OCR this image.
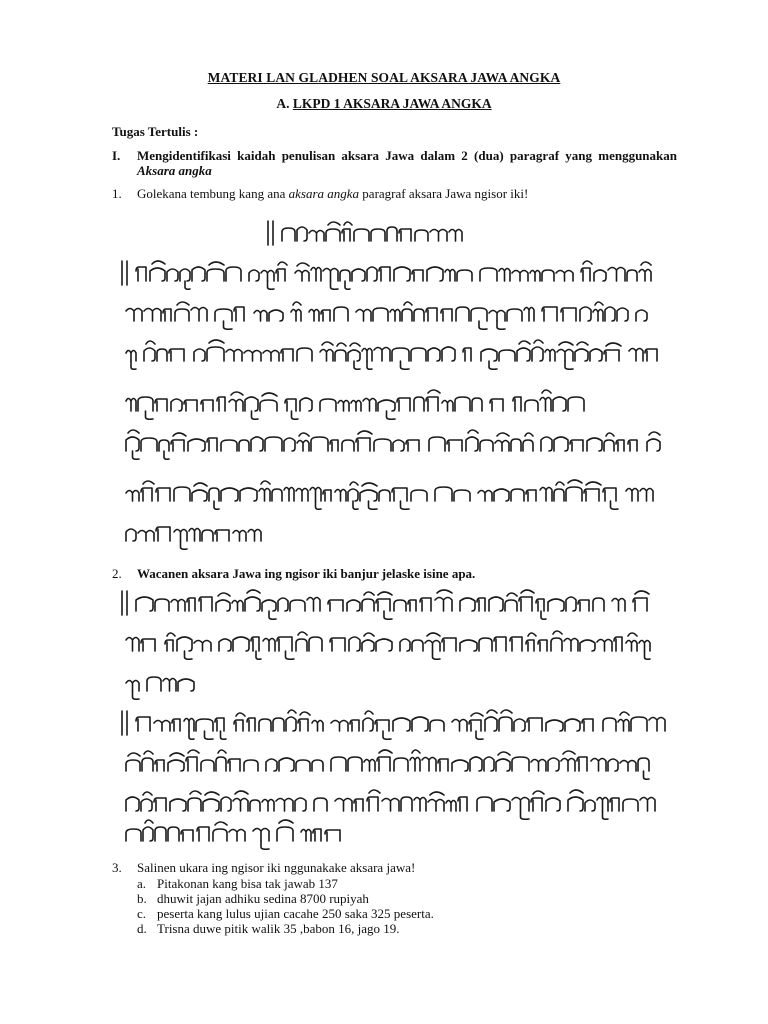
MATERI LAN GLADHEN SOAL AKSARA JAWA ANGKA
A. LKPD 1 AKSARA JAWA ANGKA
Tugas Tertulis :
I. Mengidentifikasi kaidah penulisan aksara Jawa dalam 2 (dua) paragraf yang menggunakan Aksara angka
1. Golekana tembung kang ana aksara angka paragraf aksara Jawa ngisor iki!
2. Wacanen aksara Jawa ing ngisor iki banjur jelaske isine apa.
3. Salinen ukara ing ngisor iki nggunakake aksara jawa!
a. Pitakonan kang bisa tak jawab 137
b. dhuwit jajan adhiku sedina 8700 rupiyah
c. peserta kang lulus ujian cacahe 250 saka 325 peserta.
d. Trisna duwe pitik walik 35 ,babon 16, jago 19.
